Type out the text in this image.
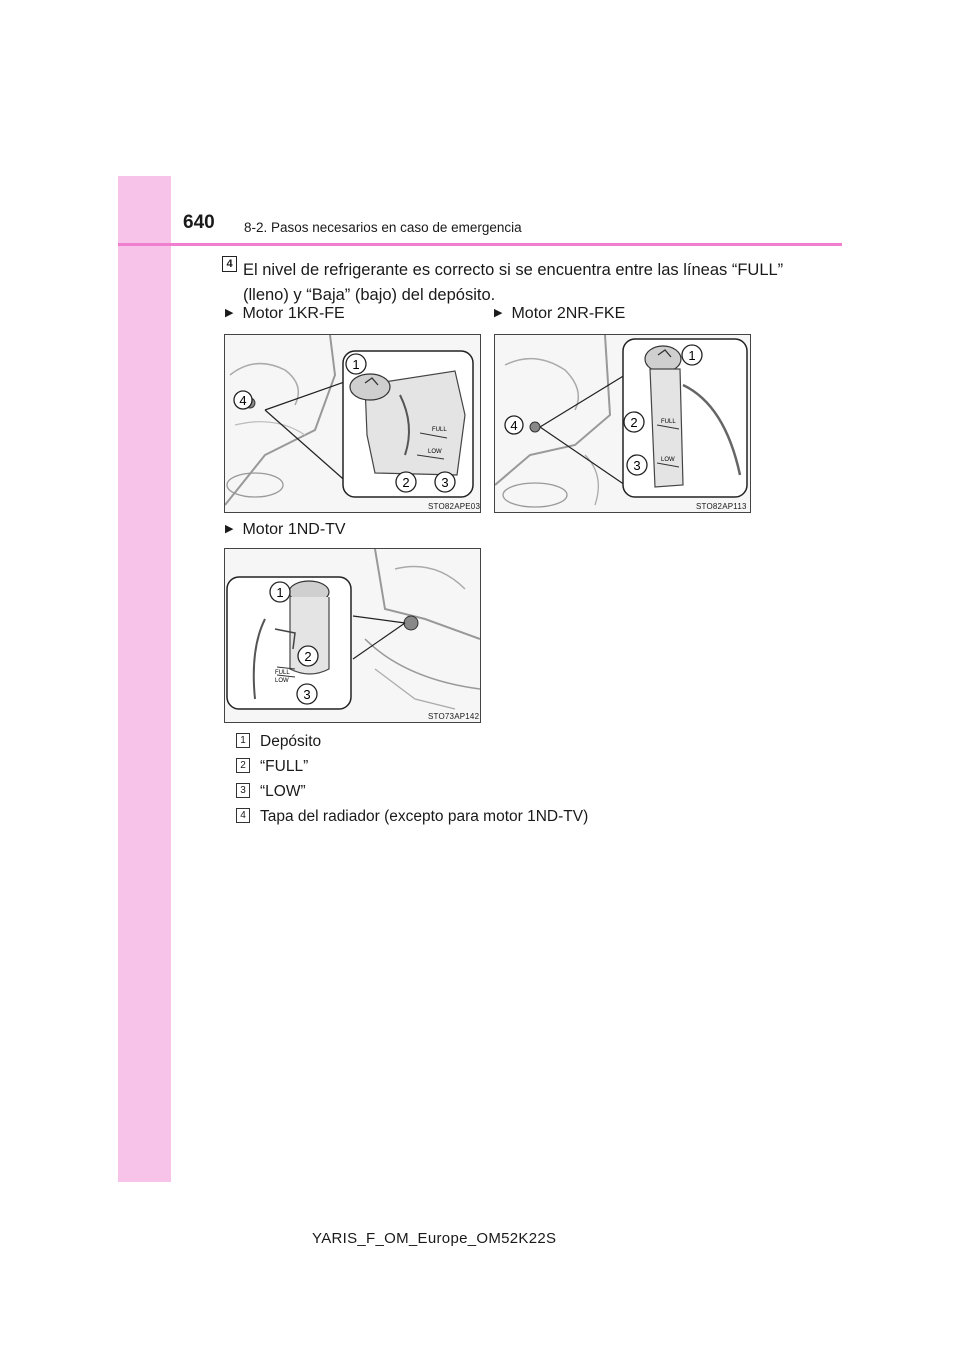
640 8-2. Pasos necesarios en caso de emergencia
4 El nivel de refrigerante es correcto si se encuentra entre las líneas “FULL” (lleno) y “Baja” (bajo) del depósito.
▶ Motor 1KR-FE
FULL
LOW
1
2 3
4
STO82APE03
▶ Motor 2NR-FKE
FULL
LOW
1
2
3
4
STO82AP113
▶ Motor 1ND-TV
FULL
LOW
1
2
3
STO73AP142
1 Depósito
2 “FULL”
3 “LOW”
4 Tapa del radiador (excepto para motor 1ND-TV)
YARIS_F_OM_Europe_OM52K22S
